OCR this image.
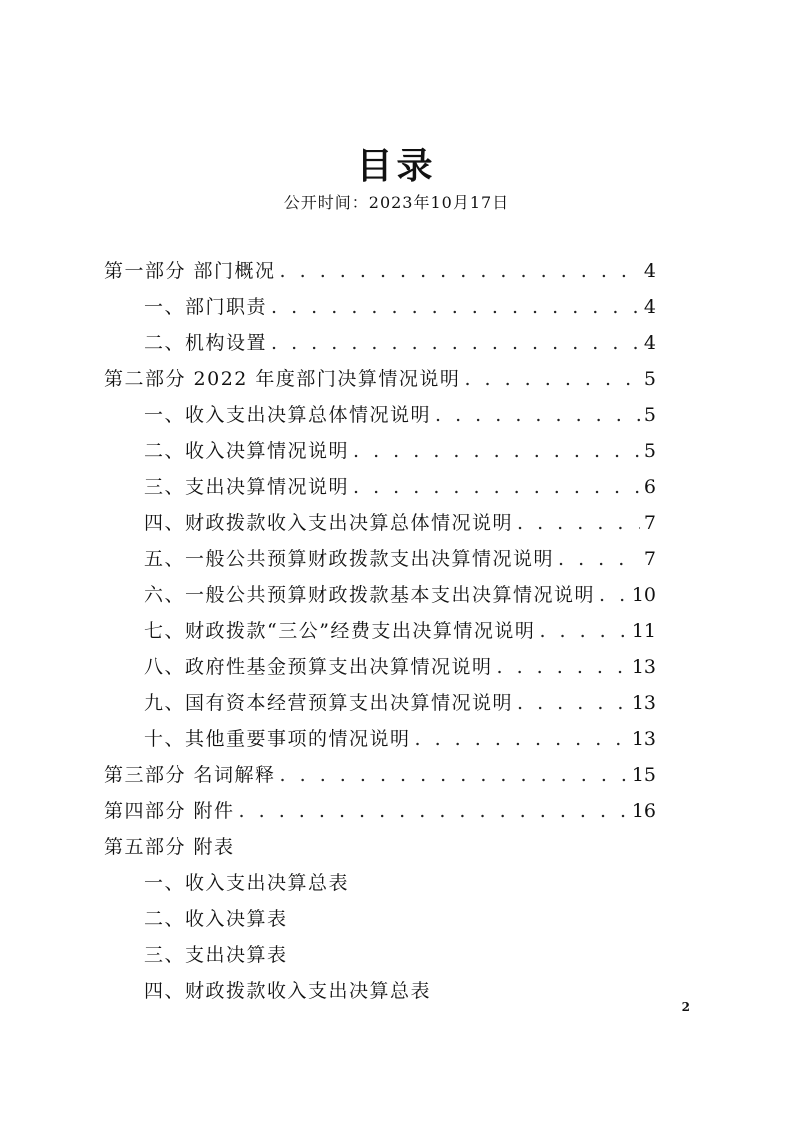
目录
公开时间：2023年10月17日
第一部分 部门概况 . . .	4
一、部门职责 . . .	4
二、机构设置 . . .	4
第二部分 2022 年度部门决算情况说明 . . .	5
一、收入支出决算总体情况说明 . . .	5
二、收入决算情况说明 . . .	5
三、支出决算情况说明 . . .	6
四、财政拨款收入支出决算总体情况说明 . . .	7
五、一般公共预算财政拨款支出决算情况说明 . . .	7
六、一般公共预算财政拨款基本支出决算情况说明 . . . 10
七、财政拨款“三公”经费支出决算情况说明 . . .	11
八、政府性基金预算支出决算情况说明 . . .	13
九、国有资本经营预算支出决算情况说明 . . .	13
十、其他重要事项的情况说明 . . .	13
第三部分 名词解释 . . .	15
第四部分 附件 . . .	16
第五部分 附表
一、收入支出决算总表
二、收入决算表
三、支出决算表
四、财政拨款收入支出决算总表
2
